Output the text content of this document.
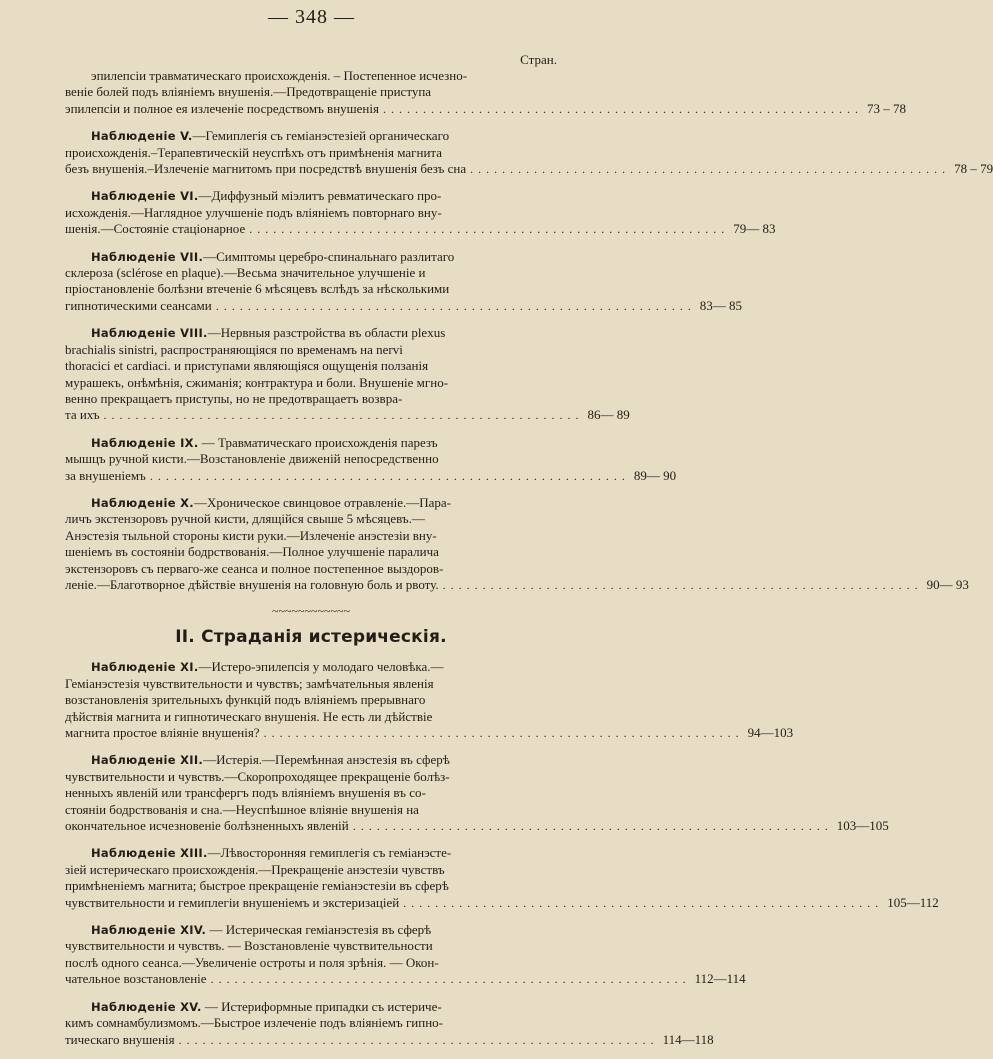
— 348 —
Стран.
эпилепсiи травматическаго происхожденiя. – Постепенное исчезно-
венiе болей подъ влiянiемъ внушенiя.—Предотвращенiе приступа
эпилепсiи и полное ея излеченiе посредствомъ внушенiя ............................................................ 73 – 78
Наблюденiе V.—Гемиплегiя съ гемiанэстезiей органическаго
происхожденiя.–Терапевтическiй неуспѣхъ отъ примѣненiя магнита
безъ внушенiя.–Излеченiе магнитомъ при посредствѣ внушенiя безъ сна ............................................................ 78 – 79
Наблюденiе VI.—Диффузный мiэлитъ ревматическаго про-
исхожденiя.—Наглядное улучшенiе подъ влiянiемъ повторнаго вну-
шенiя.—Состоянiе стацiонарное ............................................................ 79— 83
Наблюденiе VII.—Симптомы церебро-спинальнаго разлитаго
склероза (sclérose en plaque).—Весьма значительное улучшенiе и
прiостановленiе болѣзни втеченiе 6 мѣсяцевъ вслѣдъ за нѣсколькими
гипнотическими сеансами ............................................................ 83— 85
Наблюденiе VIII.—Нервныя разстройства въ области plexus
brachialis sinistri, распространяющiяся по временамъ на nervi
thoracici et cardiaci. и приступами являющiяся ощущенiя ползанiя
мурашекъ, онѣмѣнiя, сжиманiя; контрактура и боли. Внушенiе мгно-
венно прекращаетъ приступы, но не предотвращаетъ возвра-
та ихъ ............................................................ 86— 89
Наблюденiе IX. — Травматическаго происхожденiя парезъ
мышцъ ручной кисти.—Возстановленiе движенiй непосредственно
за внушенiемъ ............................................................ 89— 90
Наблюденiе X.—Хроническое свинцовое отравленiе.—Пара-
личъ экстензоровъ ручной кисти, длящiйся свыше 5 мѣсяцевъ.—
Анэстезiя тыльной стороны кисти руки.—Излеченiе анэстезiи вну-
шенiемъ въ состоянiи бодрствованiя.—Полное улучшенiе паралича
экстензоровъ съ перваго-же сеанса и полное постепенное выздоров-
ленiе.—Благотворное дѣйствiе внушенiя на головную боль и рвоту. ............................................................ 90— 93
~~~~~~~~~~~~
II. Страданiя истерическiя.
Наблюденiе XI.—Истеро-эпилепсiя у молодаго человѣка.—
Гемiанэстезiя чувствительности и чувствъ; замѣчательныя явленiя
возстановленiя зрительныхъ функцiй подъ влiянiемъ прерывнаго
дѣйствiя магнита и гипнотическаго внушенiя. Не есть ли дѣйствiе
магнита простое влiянiе внушенiя? ............................................................ 94—103
Наблюденiе XII.—Истерiя.—Перемѣнная анэстезiя въ сферѣ
чувствительности и чувствъ.—Скоропроходящее прекращенiе болѣз-
ненныхъ явленiй или трансфергъ подъ влiянiемъ внушенiя въ со-
стоянiи бодрствованiя и сна.—Неуспѣшное влiянiе внушенiя на
окончательное исчезновенiе болѣзненныхъ явленiй ............................................................ 103—105
Наблюденiе XIII.—Лѣвосторонняя гемиплегiя съ гемiанэстe-
зiей истерическаго происхожденiя.—Прекращенiе анэстезiи чувствъ
примѣненiемъ магнита; быстрое прекращенiе гемiанэстезiи въ сферѣ
чувствительности и гемиплегiи внушенiемъ и экстеризацiей ............................................................ 105—112
Наблюденiе XIV. — Истерическая гемiанэстезiя въ сферѣ
чувствительности и чувствъ. — Возстановленiе чувствительности
послѣ одного сеанса.—Увеличенiе остроты и поля зрѣнiя. — Окон-
чательное возстановленiе ............................................................ 112—114
Наблюденiе XV. — Истериформные припадки съ истериче-
кимъ сомнамбулизмомъ.—Быстрое излеченiе подъ влiянiемъ гипно-
тическаго внушенiя ............................................................ 114—118
